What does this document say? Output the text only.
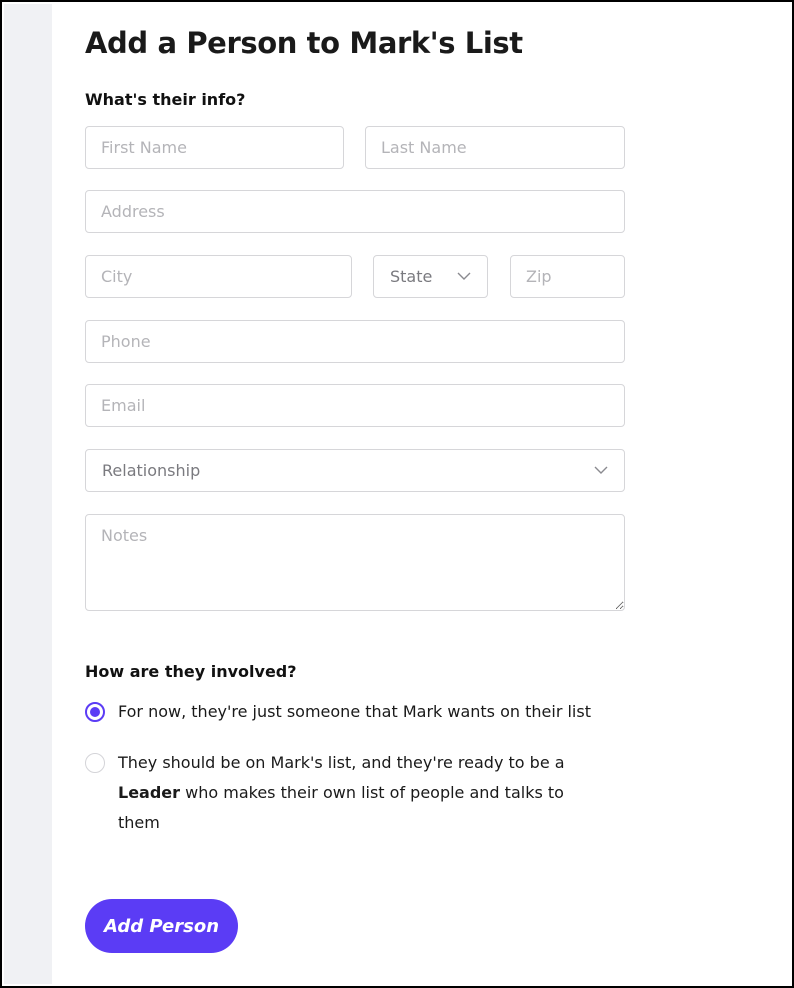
Add a Person to Mark's List

What's their info?

First Name
Last Name
Address
City
State
Zip
Phone
Email
Relationship
Notes

How are they involved?

For now, they're just someone that Mark wants on their list
They should be on Mark's list, and they're ready to be a Leader who makes their own list of people and talks to them
Add Person
